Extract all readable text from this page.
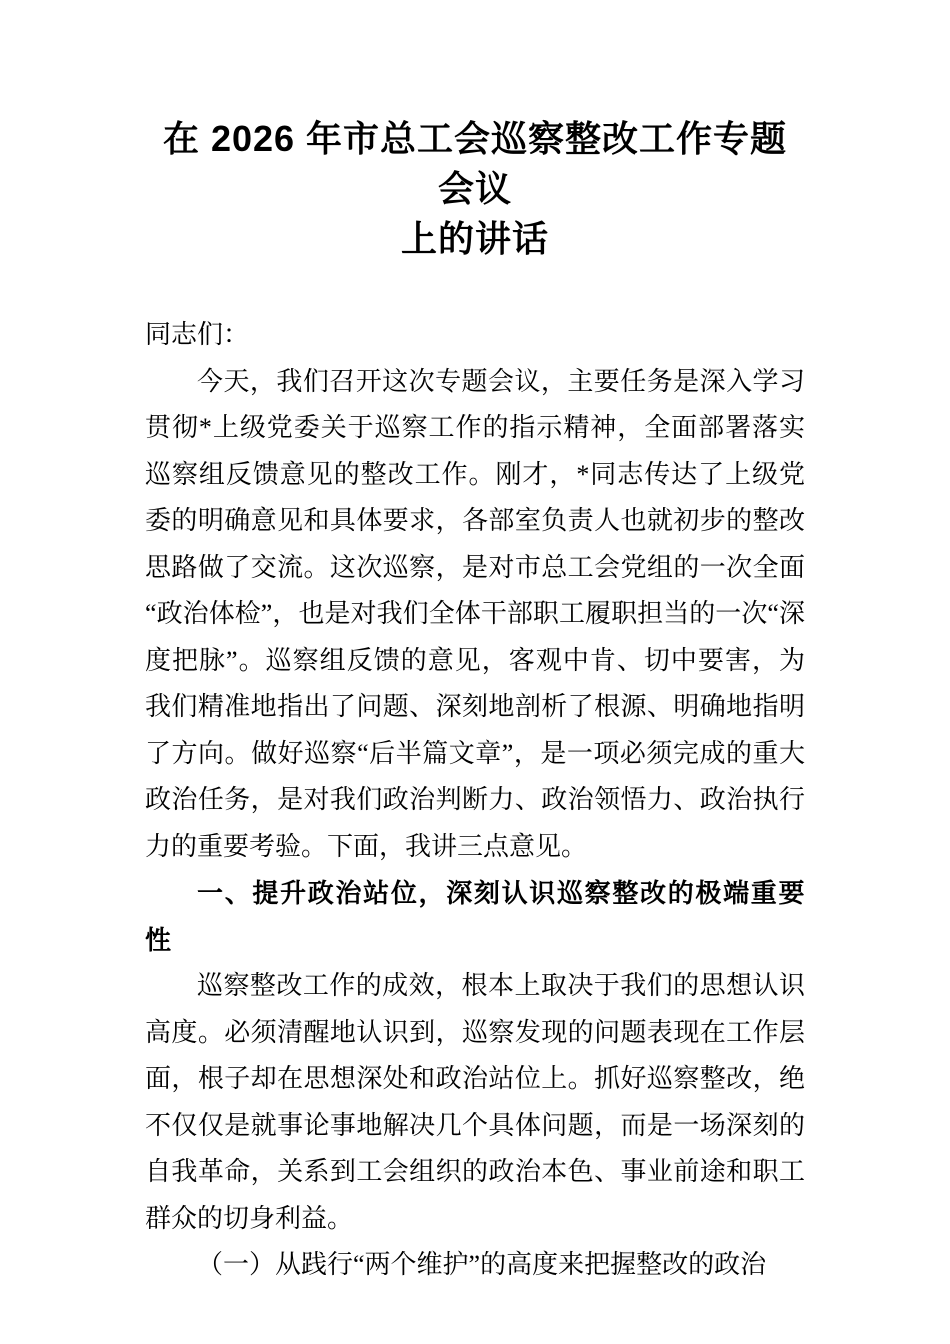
在 2026 年市总工会巡察整改工作专题会议
上的讲话

同志们：

今天，我们召开这次专题会议，主要任务是深入学习贯彻*上级党委关于巡察工作的指示精神，全面部署落实巡察组反馈意见的整改工作。刚才，*同志传达了上级党委的明确意见和具体要求，各部室负责人也就初步的整改思路做了交流。这次巡察，是对市总工会党组的一次全面“政治体检”，也是对我们全体干部职工履职担当的一次“深度把脉”。巡察组反馈的意见，客观中肯、切中要害，为我们精准地指出了问题、深刻地剖析了根源、明确地指明了方向。做好巡察“后半篇文章”，是一项必须完成的重大政治任务，是对我们政治判断力、政治领悟力、政治执行力的重要考验。下面，我讲三点意见。

一、提升政治站位，深刻认识巡察整改的极端重要性

巡察整改工作的成效，根本上取决于我们的思想认识高度。必须清醒地认识到，巡察发现的问题表现在工作层面，根子却在思想深处和政治站位上。抓好巡察整改，绝不仅仅是就事论事地解决几个具体问题，而是一场深刻的自我革命，关系到工会组织的政治本色、事业前途和职工群众的切身利益。

（一）从践行“两个维护”的高度来把握整改的政治
